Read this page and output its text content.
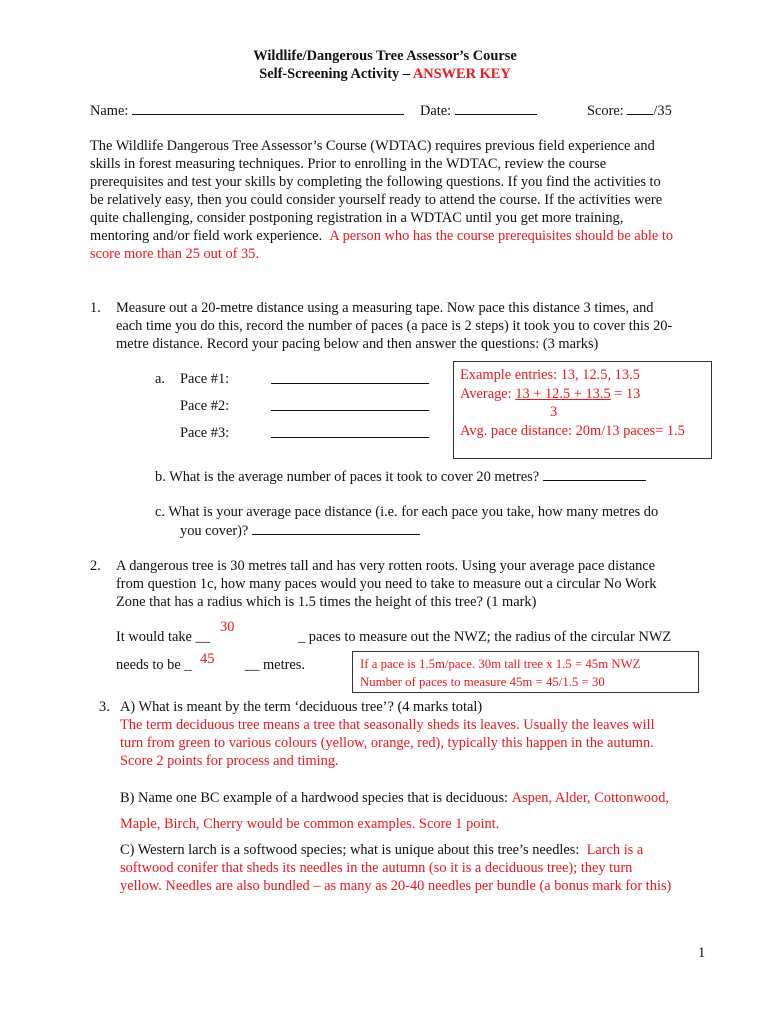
Wildlife/Dangerous Tree Assessor’s Course
Self-Screening Activity – ANSWER KEY
Name:	Date:	Score: /35
The Wildlife Dangerous Tree Assessor’s Course (WDTAC) requires previous field experience and
skills in forest measuring techniques. Prior to enrolling in the WDTAC, review the course
prerequisites and test your skills by completing the following questions. If you find the activities to
be relatively easy, then you could consider yourself ready to attend the course. If the activities were
quite challenging, consider postponing registration in a WDTAC until you get more training,
mentoring and/or field work experience. A person who has the course prerequisites should be able to
score more than 25 out of 35.
1. Measure out a 20-metre distance using a measuring tape. Now pace this distance 3 times, and
each time you do this, record the number of paces (a pace is 2 steps) it took you to cover this 20-
metre distance. Record your pacing below and then answer the questions: (3 marks)
a. Pace #1:
Pace #2:
Pace #3:
Example entries: 13, 12.5, 13.5
Average: 13 + 12.5 + 13.5 = 13
3
Avg. pace distance: 20m/13 paces= 1.5
b. What is the average number of paces it took to cover 20 metres?
c. What is your average pace distance (i.e. for each pace you take, how many metres do
you cover)?
2. A dangerous tree is 30 metres tall and has very rotten roots. Using your average pace distance
from question 1c, how many paces would you need to take to measure out a circular No Work
Zone that has a radius which is 1.5 times the height of this tree? (1 mark)
It would take __
30
_ paces to measure out the NWZ; the radius of the circular NWZ
needs to be _ 45 __ metres.	If a pace is 1.5m/pace. 30m tall tree x 1.5 = 45m NWZ
Number of paces to measure 45m = 45/1.5 = 30
3. A) What is meant by the term ‘deciduous tree’? (4 marks total)
The term deciduous tree means a tree that seasonally sheds its leaves. Usually the leaves will
turn from green to various colours (yellow, orange, red), typically this happen in the autumn.
Score 2 points for process and timing.
B) Name one BC example of a hardwood species that is deciduous: Aspen, Alder, Cottonwood,
Maple, Birch, Cherry would be common examples. Score 1 point.
C) Western larch is a softwood species; what is unique about this tree’s needles: Larch is a
softwood conifer that sheds its needles in the autumn (so it is a deciduous tree); they turn
yellow. Needles are also bundled – as many as 20-40 needles per bundle (a bonus mark for this)
1
